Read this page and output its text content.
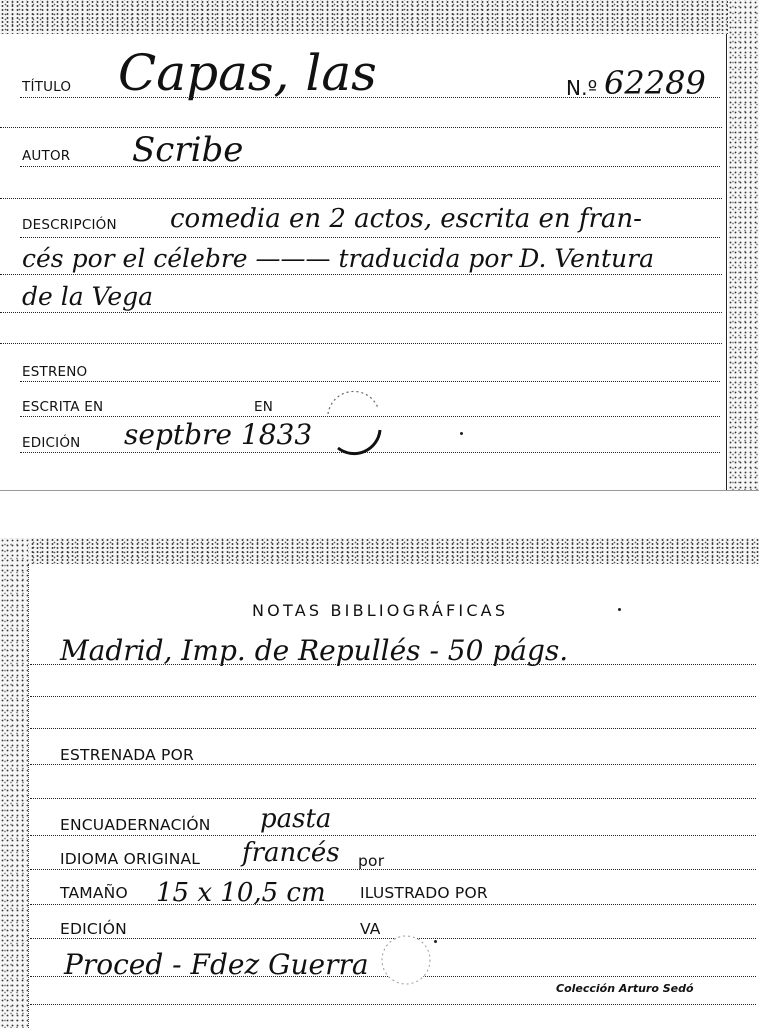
TÍTULO Capas, las	N.º 62289
AUTOR Scribe
DESCRIPCIÓN comedia en 2 actos, escrita en fran-
cés por el célebre ——— traducida por D. Ventura
de la Vega
ESTRENO
ESCRITA EN	EN
EDICIÓN septbre 1833
NOTAS BIBLIOGRÁFICAS
Madrid, Imp. de Repullés - 50 págs.
ESTRENADA POR
ENCUADERNACIÓN pasta
IDIOMA ORIGINAL francés por
TAMAÑO 15 x 10,5 cm ILUSTRADO POR
EDICIÓN	VA
Proced - Fdez Guerra
Colección Arturo Sedó
